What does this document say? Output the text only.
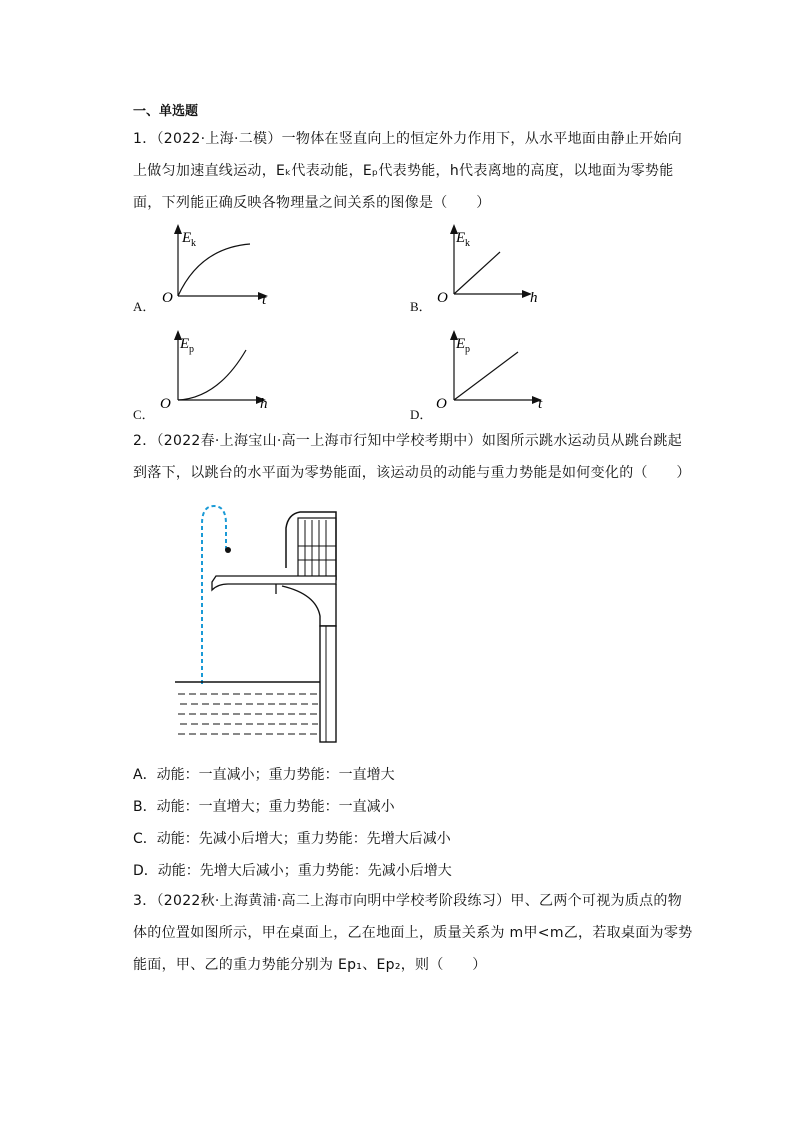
一、单选题
1．（2022·上海·二模）一物体在竖直向上的恒定外力作用下，从水平地面由静止开始向
上做匀加速直线运动，Eₖ代表动能，Eₚ代表势能，h代表离地的高度，以地面为零势能
面，下列能正确反映各物理量之间关系的图像是（　　）
A．
E k
O	t	B．
E k
O	h
C．
E p
O	h
D．
E p
O	t
2．（2022春·上海宝山·高一上海市行知中学校考期中）如图所示跳水运动员从跳台跳起
到落下，以跳台的水平面为零势能面，该运动员的动能与重力势能是如何变化的（　　）
A．动能：一直减小；重力势能：一直增大
B．动能：一直增大；重力势能：一直减小
C．动能：先减小后增大；重力势能：先增大后减小
D．动能：先增大后减小；重力势能：先减小后增大
3．（2022秋·上海黄浦·高二上海市向明中学校考阶段练习）甲、乙两个可视为质点的物
体的位置如图所示，甲在桌面上，乙在地面上，质量关系为 m甲<m乙，若取桌面为零势
能面，甲、乙的重力势能分别为 Ep₁、Ep₂，则（　　）
